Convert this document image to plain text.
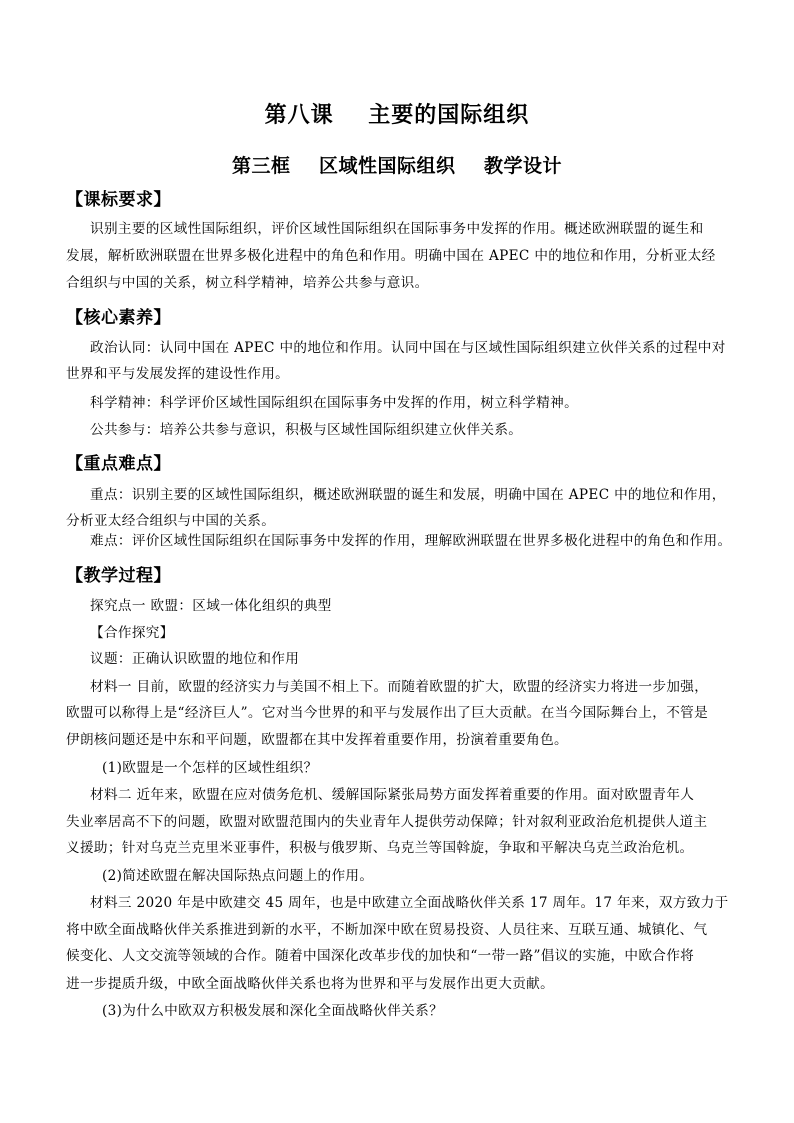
第八课    主要的国际组织
第三框    区域性国际组织    教学设计
【课标要求】
识别主要的区域性国际组织，评价区域性国际组织在国际事务中发挥的作用。概述欧洲联盟的诞生和
发展，解析欧洲联盟在世界多极化进程中的角色和作用。明确中国在 APEC 中的地位和作用，分析亚太经
合组织与中国的关系，树立科学精神，培养公共参与意识。
【核心素养】
政治认同：认同中国在 APEC 中的地位和作用。认同中国在与区域性国际组织建立伙伴关系的过程中对
世界和平与发展发挥的建设性作用。
科学精神：科学评价区域性国际组织在国际事务中发挥的作用，树立科学精神。
公共参与：培养公共参与意识，积极与区域性国际组织建立伙伴关系。
【重点难点】
重点：识别主要的区域性国际组织，概述欧洲联盟的诞生和发展，明确中国在 APEC 中的地位和作用，
分析亚太经合组织与中国的关系。
难点：评价区域性国际组织在国际事务中发挥的作用，理解欧洲联盟在世界多极化进程中的角色和作用。
【教学过程】
探究点一 欧盟：区域一体化组织的典型
【合作探究】
议题：正确认识欧盟的地位和作用
材料一 目前，欧盟的经济实力与美国不相上下。而随着欧盟的扩大，欧盟的经济实力将进一步加强，
欧盟可以称得上是“经济巨人”。它对当今世界的和平与发展作出了巨大贡献。在当今国际舞台上，不管是
伊朗核问题还是中东和平问题，欧盟都在其中发挥着重要作用，扮演着重要角色。
(1)欧盟是一个怎样的区域性组织？
材料二 近年来，欧盟在应对债务危机、缓解国际紧张局势方面发挥着重要的作用。面对欧盟青年人
失业率居高不下的问题，欧盟对欧盟范围内的失业青年人提供劳动保障；针对叙利亚政治危机提供人道主
义援助；针对乌克兰克里米亚事件，积极与俄罗斯、乌克兰等国斡旋，争取和平解决乌克兰政治危机。
(2)简述欧盟在解决国际热点问题上的作用。
材料三 2020 年是中欧建交 45 周年，也是中欧建立全面战略伙伴关系 17 周年。17 年来，双方致力于
将中欧全面战略伙伴关系推进到新的水平，不断加深中欧在贸易投资、人员往来、互联互通、城镇化、气
候变化、人文交流等领域的合作。随着中国深化改革步伐的加快和“一带一路”倡议的实施，中欧合作将
进一步提质升级，中欧全面战略伙伴关系也将为世界和平与发展作出更大贡献。
(3)为什么中欧双方积极发展和深化全面战略伙伴关系？
